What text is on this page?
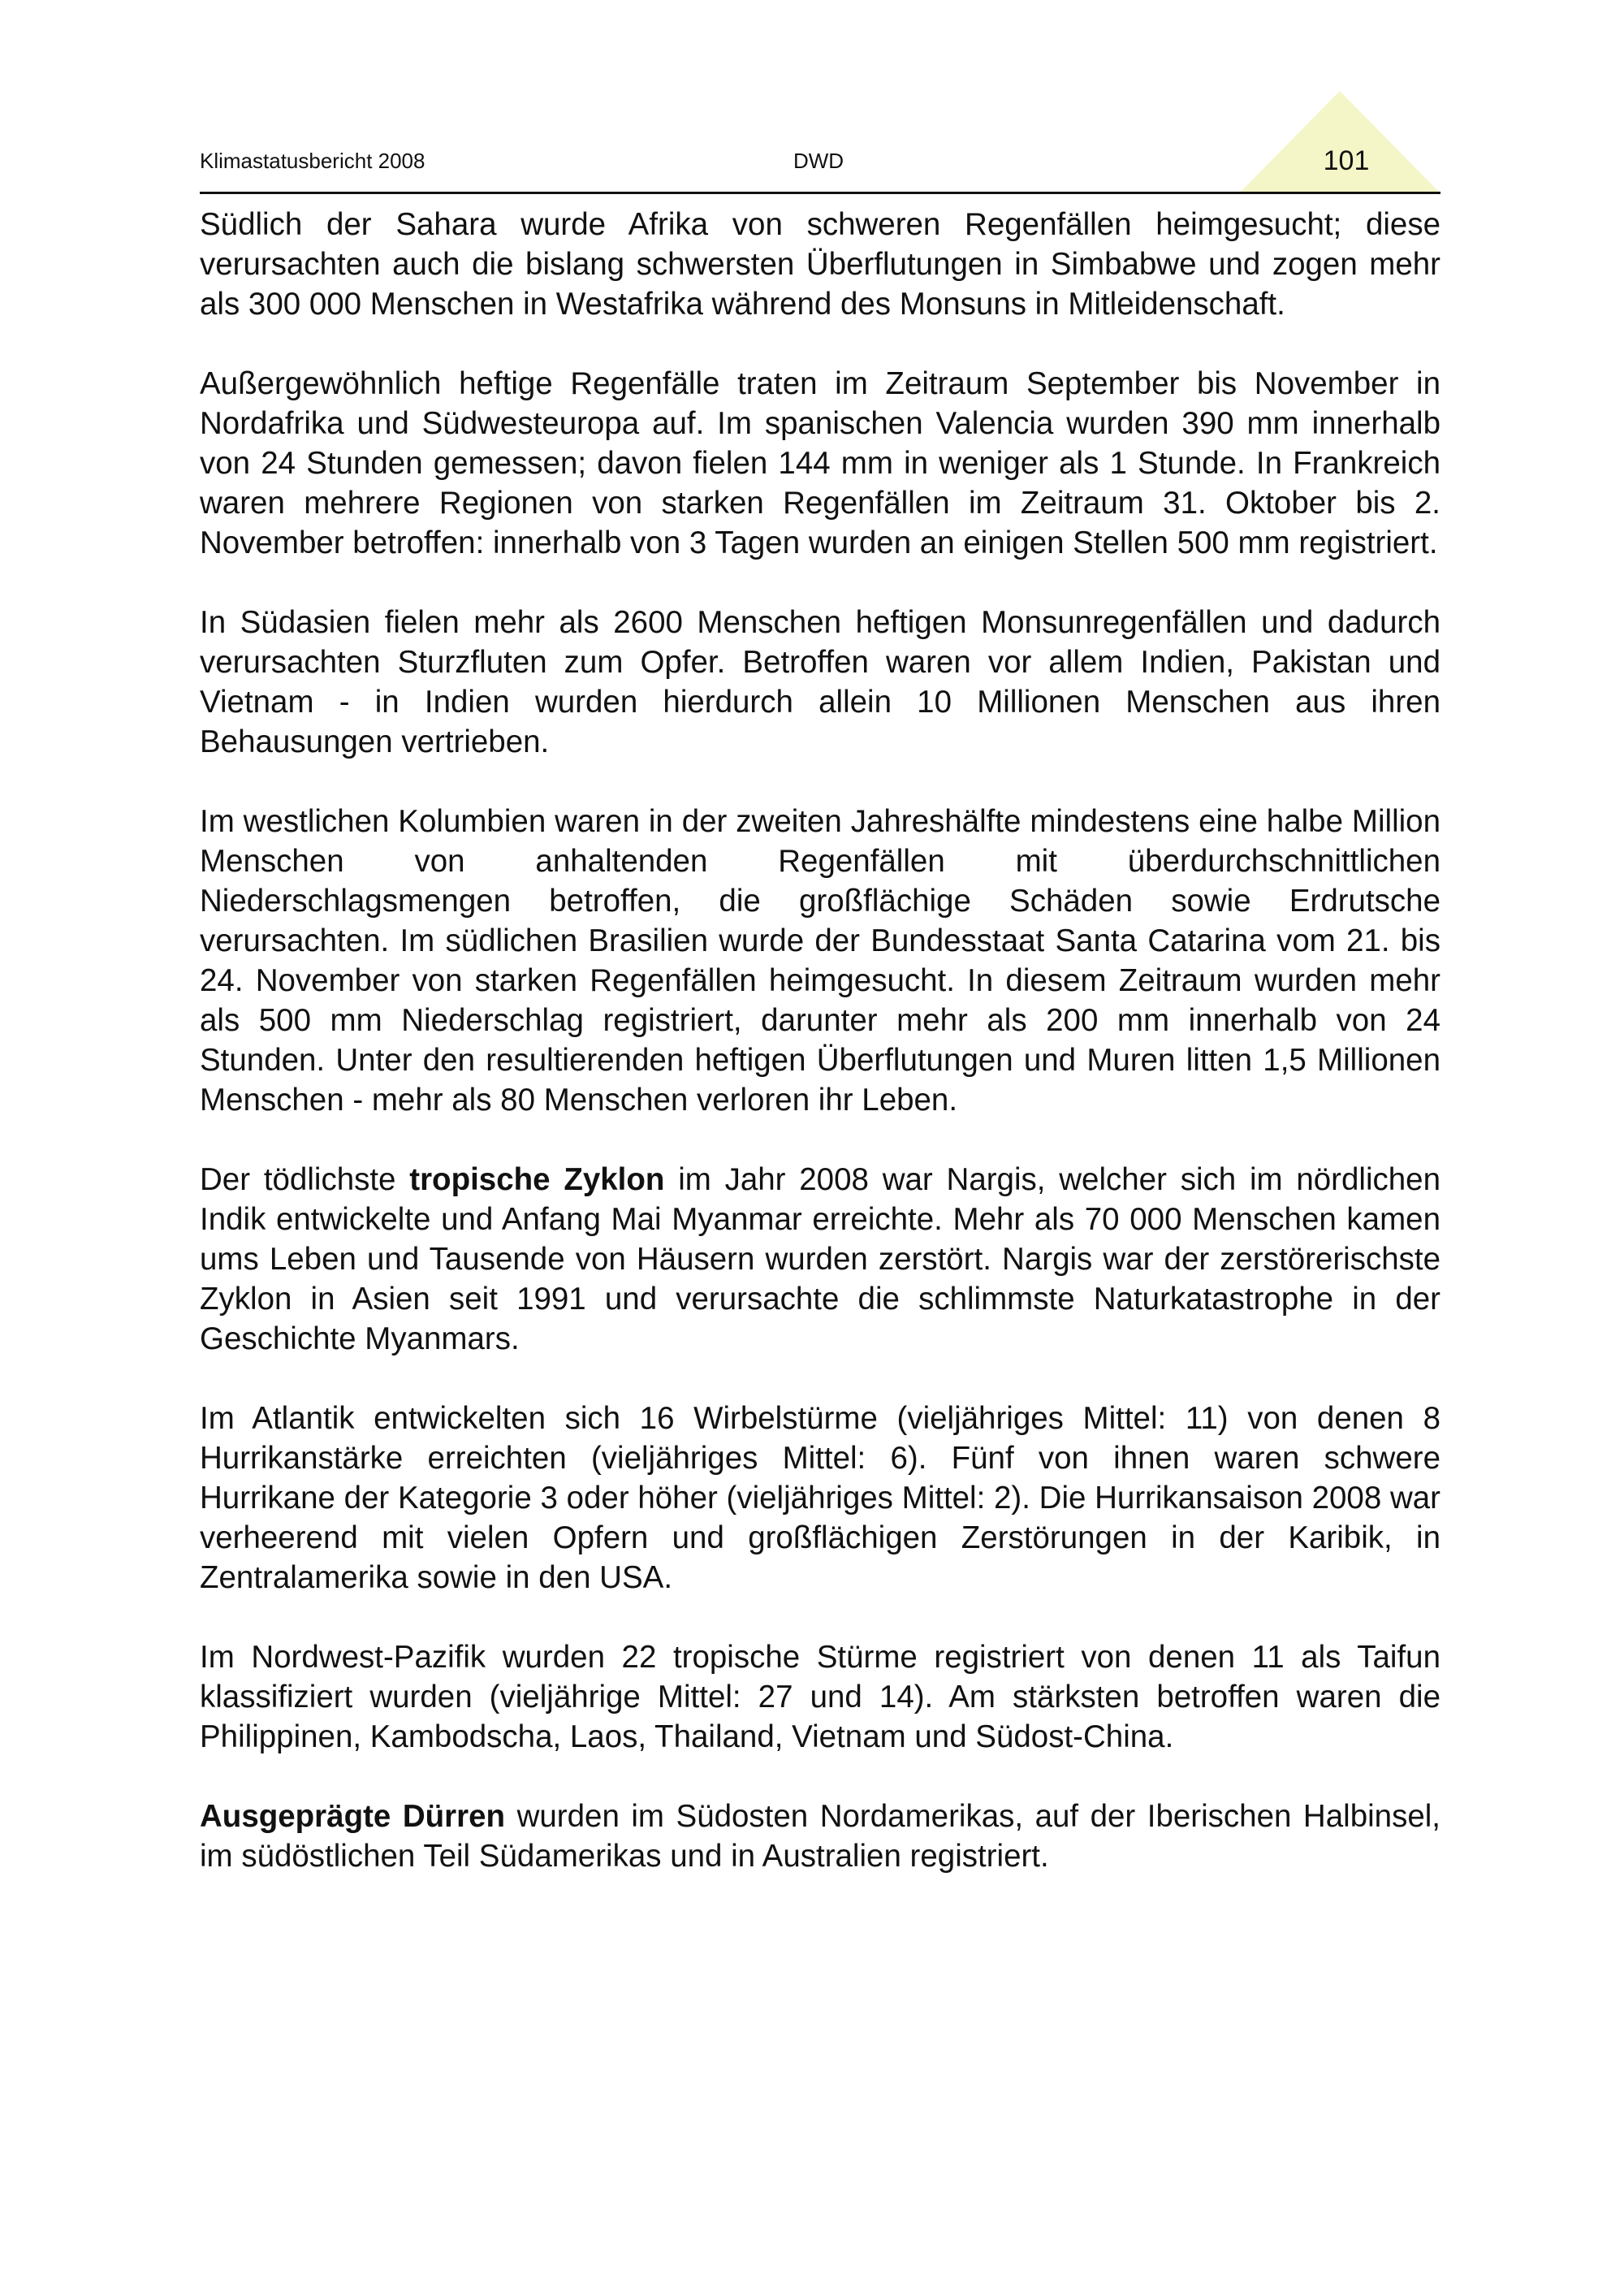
Klimastatusbericht 2008	DWD	101

Südlich der Sahara wurde Afrika von schweren Regenfällen heimgesucht; diese verursachten auch die bislang schwersten Überflutungen in Simbabwe und zogen mehr als 300 000 Menschen in Westafrika während des Monsuns in Mitleidenschaft.

Außergewöhnlich heftige Regenfälle traten im Zeitraum September bis November in Nordafrika und Südwesteuropa auf. Im spanischen Valencia wurden 390 mm innerhalb von 24 Stunden gemessen; davon fielen 144 mm in weniger als 1 Stunde. In Frankreich waren mehrere Regionen von starken Regenfällen im Zeitraum 31. Oktober bis 2. November betroffen: innerhalb von 3 Tagen wurden an einigen Stellen 500 mm registriert.

In Südasien fielen mehr als 2600 Menschen heftigen Monsunregenfällen und dadurch verursachten Sturzfluten zum Opfer. Betroffen waren vor allem Indien, Pakistan und Vietnam - in Indien wurden hierdurch allein 10 Millionen Menschen aus ihren Behausungen vertrieben.

Im westlichen Kolumbien waren in der zweiten Jahreshälfte mindestens eine halbe Million Menschen von anhaltenden Regenfällen mit überdurchschnittlichen Niederschlagsmengen betroffen, die großflächige Schäden sowie Erdrutsche verursachten. Im südlichen Brasilien wurde der Bundesstaat Santa Catarina vom 21. bis 24. November von starken Regenfällen heimgesucht. In diesem Zeitraum wurden mehr als 500 mm Niederschlag registriert, darunter mehr als 200 mm innerhalb von 24 Stunden. Unter den resultierenden heftigen Überflutungen und Muren litten 1,5 Millionen Menschen - mehr als 80 Menschen verloren ihr Leben.

Der tödlichste tropische Zyklon im Jahr 2008 war Nargis, welcher sich im nördlichen Indik entwickelte und Anfang Mai Myanmar erreichte. Mehr als 70 000 Menschen kamen ums Leben und Tausende von Häusern wurden zerstört. Nargis war der zerstörerischste Zyklon in Asien seit 1991 und verursachte die schlimmste Naturkatastrophe in der Geschichte Myanmars.

Im Atlantik entwickelten sich 16 Wirbelstürme (vieljähriges Mittel: 11) von denen 8 Hurrikanstärke erreichten (vieljähriges Mittel: 6). Fünf von ihnen waren schwere Hurrikane der Kategorie 3 oder höher (vieljähriges Mittel: 2). Die Hurrikansaison 2008 war verheerend mit vielen Opfern und großflächigen Zerstörungen in der Karibik, in Zentralamerika sowie in den USA.

Im Nordwest-Pazifik wurden 22 tropische Stürme registriert von denen 11 als Taifun klassifiziert wurden (vieljährige Mittel: 27 und 14). Am stärksten betroffen waren die Philippinen, Kambodscha, Laos, Thailand, Vietnam und Südost-China.

Ausgeprägte Dürren wurden im Südosten Nordamerikas, auf der Iberischen Halbinsel, im südöstlichen Teil Südamerikas und in Australien registriert.
